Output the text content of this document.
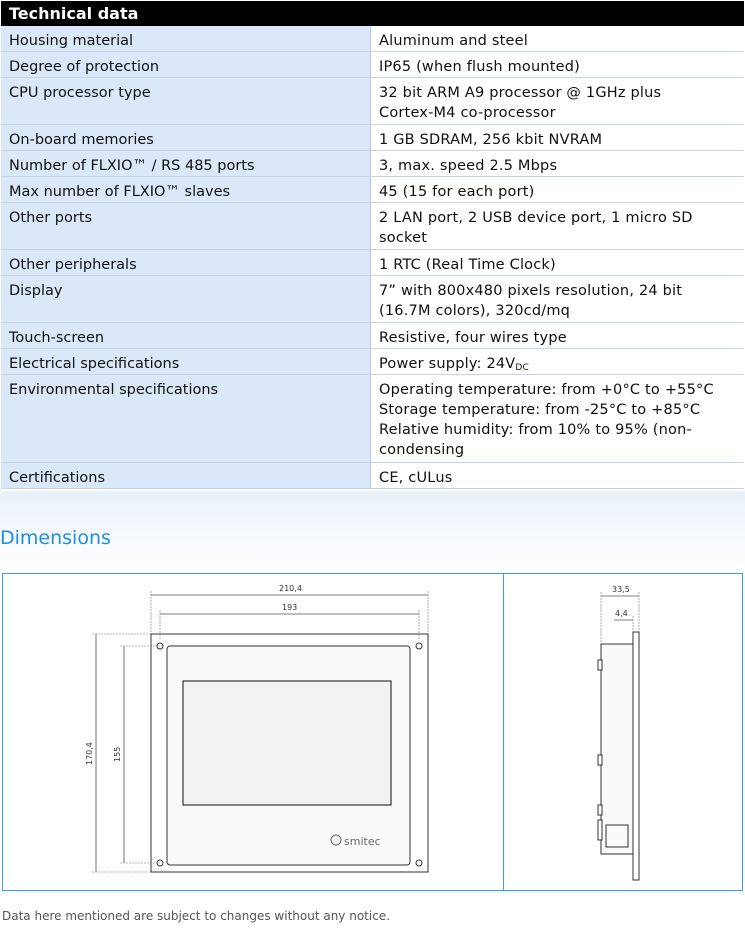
Technical data
Housing material	Aluminum and steel
Degree of protection	IP65 (when flush mounted)
CPU processor type	32 bit ARM A9 processor @ 1GHz plus
Cortex-M4 co-processor
On-board memories	1 GB SDRAM, 256 kbit NVRAM
Number of FLXIO™ / RS 485 ports	3, max. speed 2.5 Mbps
Max number of FLXIO™ slaves	45 (15 for each port)
Other ports	2 LAN port, 2 USB device port, 1 micro SD
socket
Other peripherals	1 RTC (Real Time Clock)
Display	7” with 800x480 pixels resolution, 24 bit
(16.7M colors), 320cd/mq
Touch-screen	Resistive, four wires type
Electrical specifications	Power supply: $24V_{DC}$
Environmental specifications	Operating temperature: from +0°C to +55°C
Storage temperature: from -25°C to +85°C
Relative humidity: from 10% to 95% (non-
condensing
Certifications	CE, cULus
Dimensions
smitec
210,4
193
170,4 155
33,5
4,4
Data here mentioned are subject to changes without any notice.
